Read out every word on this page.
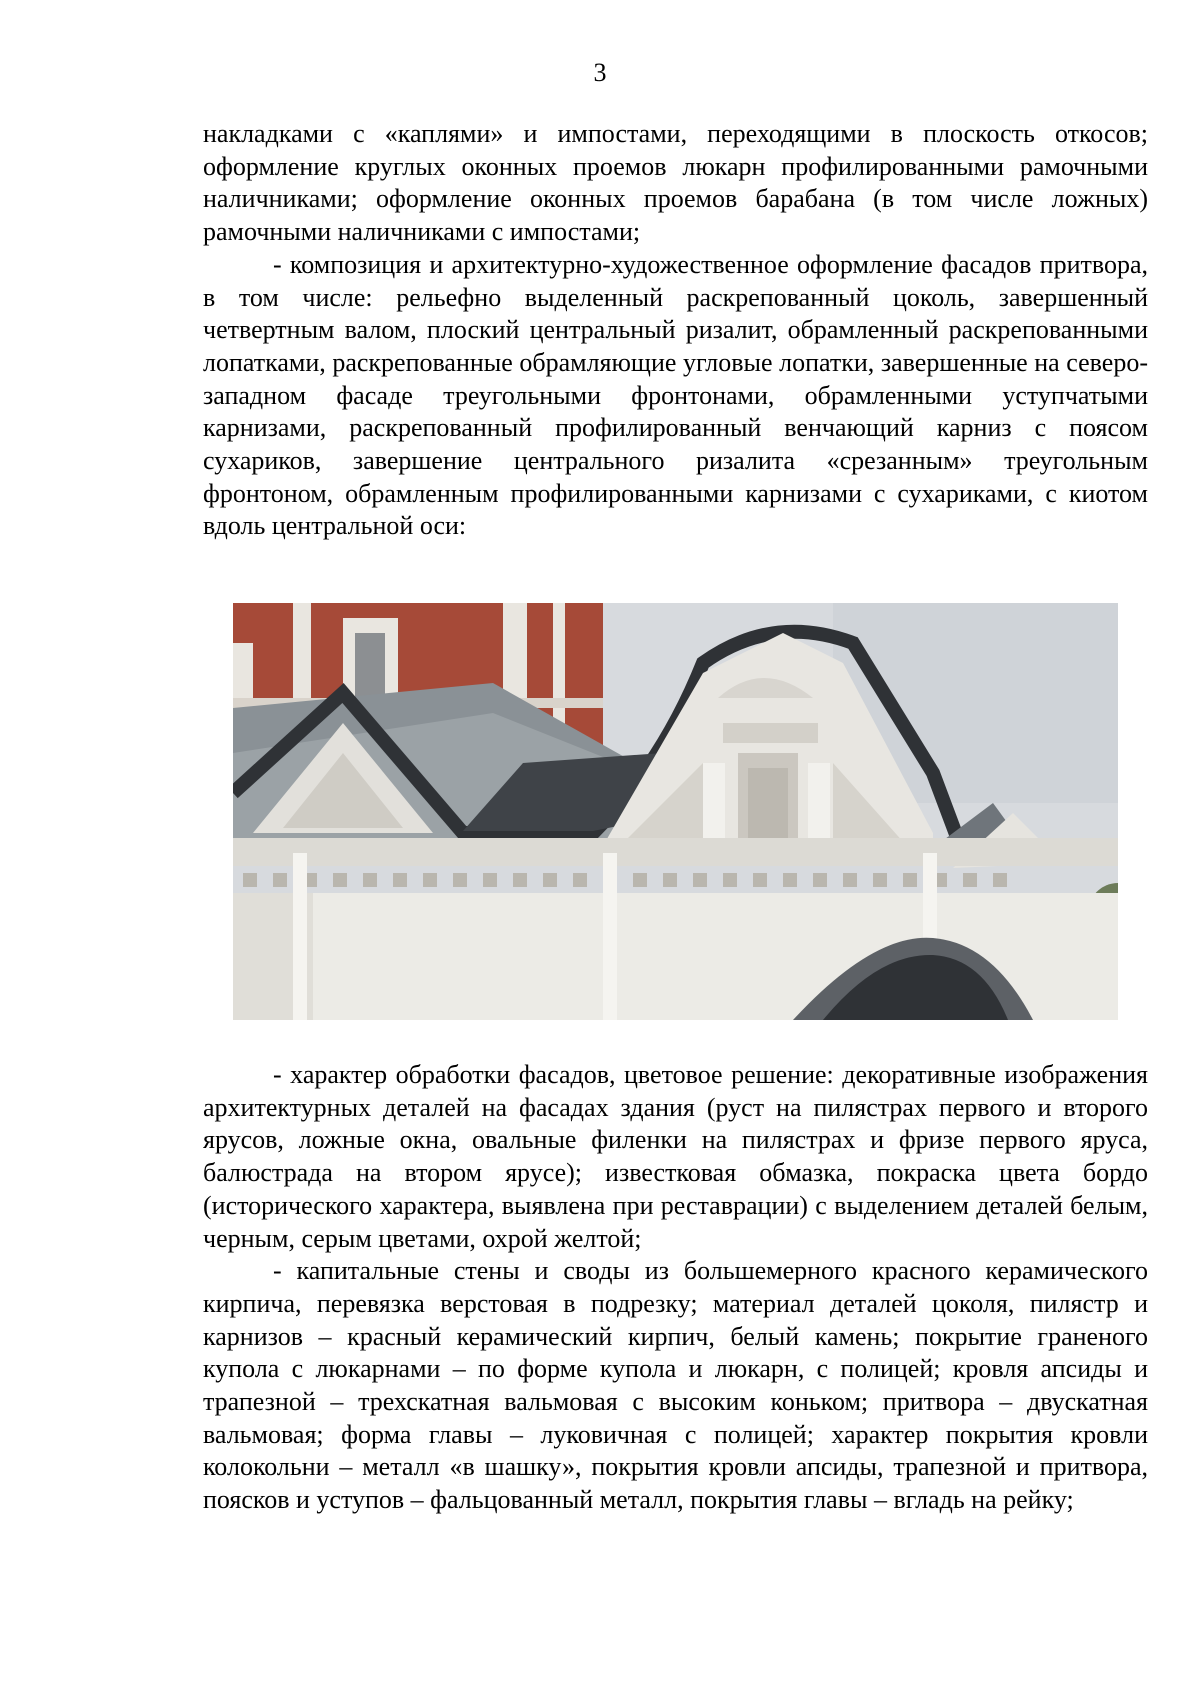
3

накладками с «каплями» и импостами, переходящими в плоскость откосов; оформление круглых оконных проемов люкарн профилированными рамочными наличниками; оформление оконных проемов барабана (в том числе ложных) рамочными наличниками с импостами;

- композиция и архитектурно-художественное оформление фасадов притвора, в том числе: рельефно выделенный раскрепованный цоколь, завершенный четвертным валом, плоский центральный ризалит, обрамленный раскрепованными лопатками, раскрепованные обрамляющие угловые лопатки, завершенные на северо-западном фасаде треугольными фронтонами, обрамленными уступчатыми карнизами, раскрепованный профилированный венчающий карниз с поясом сухариков, завершение центрального ризалита «срезанным» треугольным фронтоном, обрамленным профилированными карнизами с сухариками, с киотом вдоль центральной оси:

- характер обработки фасадов, цветовое решение: декоративные изображения архитектурных деталей на фасадах здания (руст на пилястрах первого и второго ярусов, ложные окна, овальные филенки на пилястрах и фризе первого яруса, балюстрада на втором ярусе); известковая обмазка, покраска цвета бордо (исторического характера, выявлена при реставрации) с выделением деталей белым, черным, серым цветами, охрой желтой;

- капитальные стены и своды из большемерного красного керамического кирпича, перевязка верстовая в подрезку; материал деталей цоколя, пилястр и карнизов – красный керамический кирпич, белый камень; покрытие граненого купола с люкарнами – по форме купола и люкарн, с полицей; кровля апсиды и трапезной – трехскатная вальмовая с высоким коньком; притвора – двускатная вальмовая; форма главы – луковичная с полицей; характер покрытия кровли колокольни – металл «в шашку», покрытия кровли апсиды, трапезной и притвора, поясков и уступов – фальцованный металл, покрытия главы – вгладь на рейку;
